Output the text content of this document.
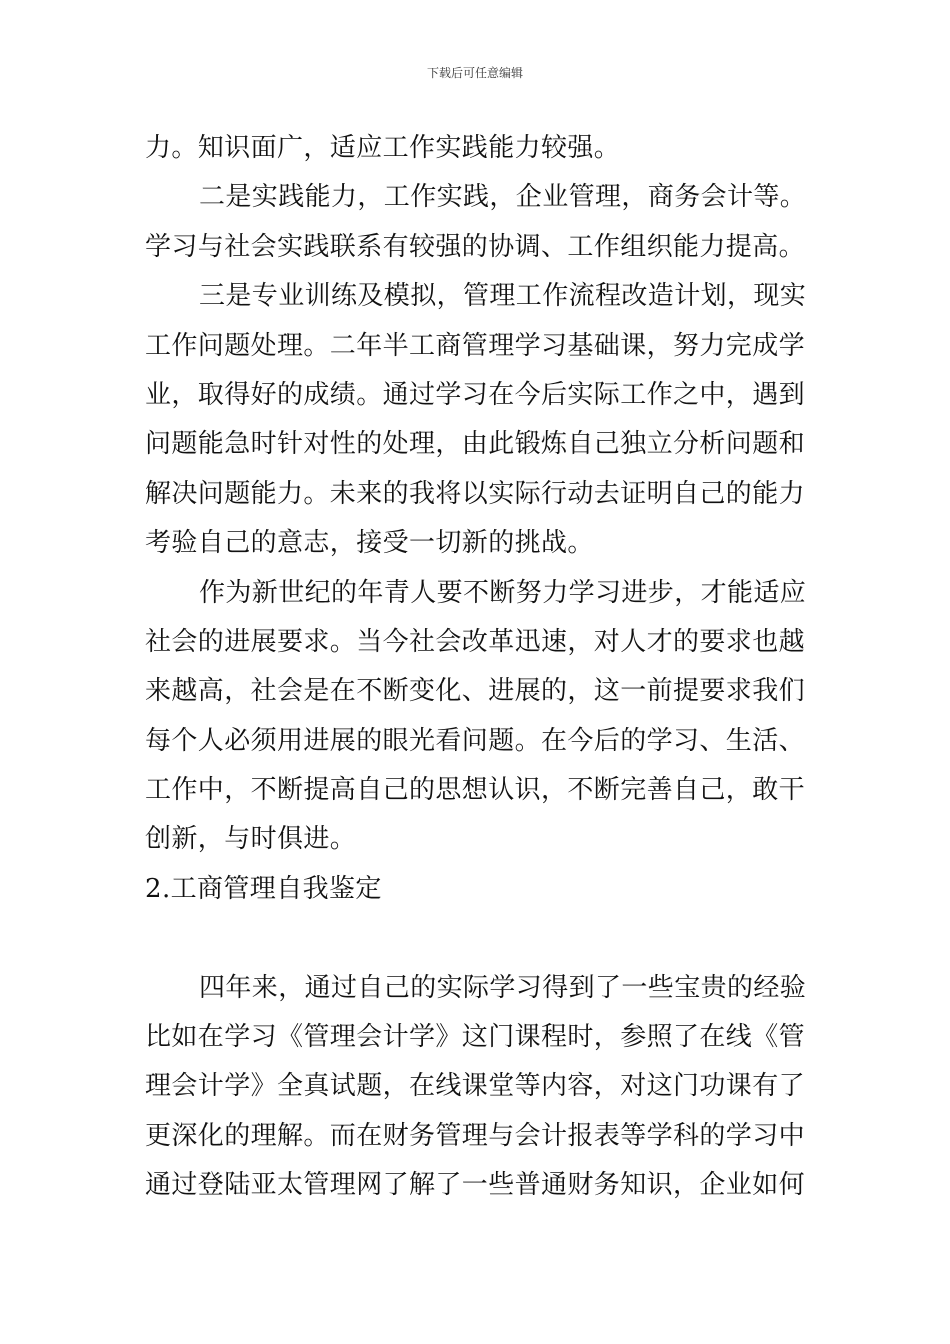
下载后可任意编辑
力。知识面广，适应工作实践能力较强。
二是实践能力，工作实践，企业管理，商务会计等。
学习与社会实践联系有较强的协调、工作组织能力提高。
三是专业训练及模拟，管理工作流程改造计划，现实
工作问题处理。二年半工商管理学习基础课，努力完成学
业，取得好的成绩。通过学习在今后实际工作之中，遇到
问题能急时针对性的处理，由此锻炼自己独立分析问题和
解决问题能力。未来的我将以实际行动去证明自己的能力
考验自己的意志，接受一切新的挑战。
作为新世纪的年青人要不断努力学习进步，才能适应
社会的进展要求。当今社会改革迅速，对人才的要求也越
来越高，社会是在不断变化、进展的，这一前提要求我们
每个人必须用进展的眼光看问题。在今后的学习、生活、
工作中，不断提高自己的思想认识，不断完善自己，敢干
创新，与时俱进。
2.工商管理自我鉴定
四年来，通过自己的实际学习得到了一些宝贵的经验
比如在学习《管理会计学》这门课程时，参照了在线《管
理会计学》全真试题，在线课堂等内容，对这门功课有了
更深化的理解。而在财务管理与会计报表等学科的学习中
通过登陆亚太管理网了解了一些普通财务知识，企业如何
